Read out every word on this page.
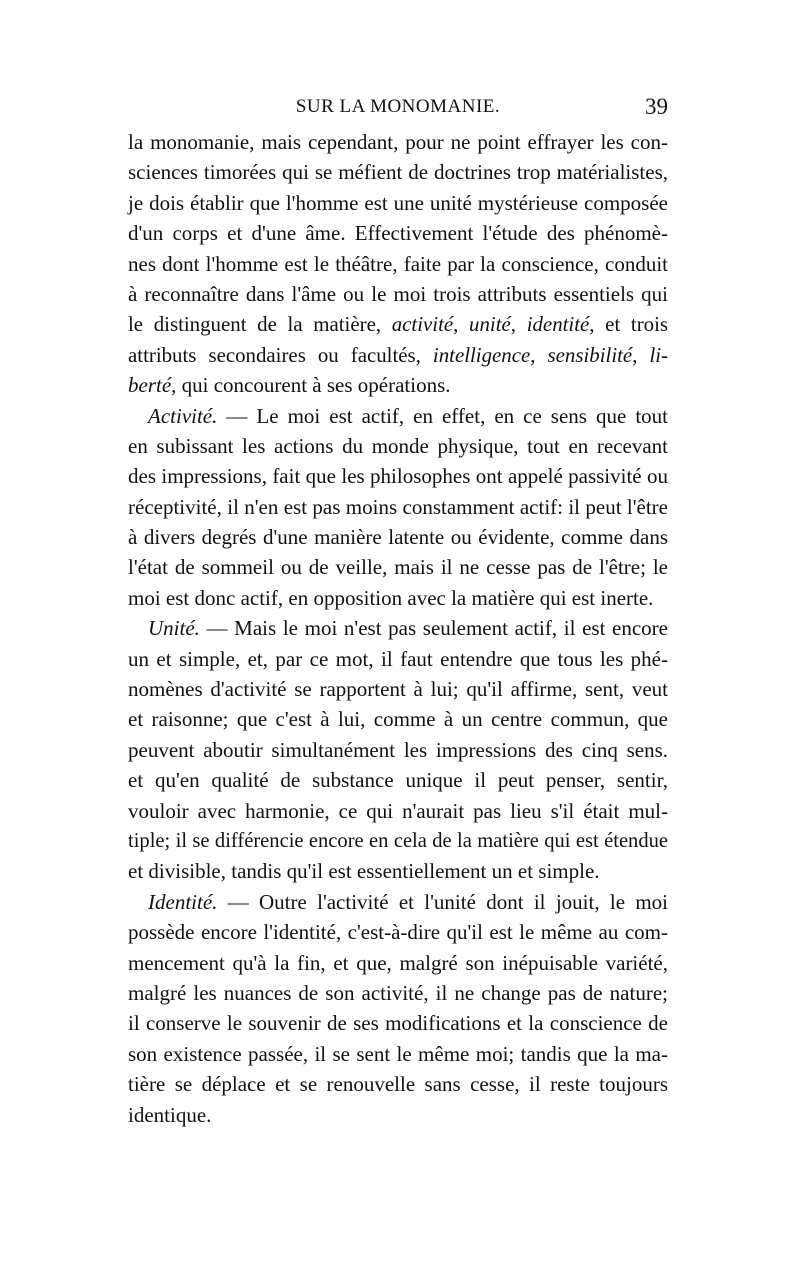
SUR LA MONOMANIE.	39
la monomanie, mais cependant, pour ne point effrayer les con-
sciences timorées qui se méfient de doctrines trop matérialistes,
je dois établir que l'homme est une unité mystérieuse composée
d'un corps et d'une âme. Effectivement l'étude des phénomè-
nes dont l'homme est le théâtre, faite par la conscience, conduit
à reconnaître dans l'âme ou le moi trois attributs essentiels qui
le distinguent de la matière, activité, unité, identité, et trois
attributs secondaires ou facultés, intelligence, sensibilité, li-
berté, qui concourent à ses opérations.
Activité. — Le moi est actif, en effet, en ce sens que tout
en subissant les actions du monde physique, tout en recevant
des impressions, fait que les philosophes ont appelé passivité ou
réceptivité, il n'en est pas moins constamment actif: il peut l'être
à divers degrés d'une manière latente ou évidente, comme dans
l'état de sommeil ou de veille, mais il ne cesse pas de l'être; le
moi est donc actif, en opposition avec la matière qui est inerte.
Unité. — Mais le moi n'est pas seulement actif, il est encore
un et simple, et, par ce mot, il faut entendre que tous les phé-
nomènes d'activité se rapportent à lui; qu'il affirme, sent, veut
et raisonne; que c'est à lui, comme à un centre commun, que
peuvent aboutir simultanément les impressions des cinq sens.
et qu'en qualité de substance unique il peut penser, sentir,
vouloir avec harmonie, ce qui n'aurait pas lieu s'il était mul-
tiple; il se différencie encore en cela de la matière qui est étendue
et divisible, tandis qu'il est essentiellement un et simple.
Identité. — Outre l'activité et l'unité dont il jouit, le moi
possède encore l'identité, c'est-à-dire qu'il est le même au com-
mencement qu'à la fin, et que, malgré son inépuisable variété,
malgré les nuances de son activité, il ne change pas de nature;
il conserve le souvenir de ses modifications et la conscience de
son existence passée, il se sent le même moi; tandis que la ma-
tière se déplace et se renouvelle sans cesse, il reste toujours
identique.
